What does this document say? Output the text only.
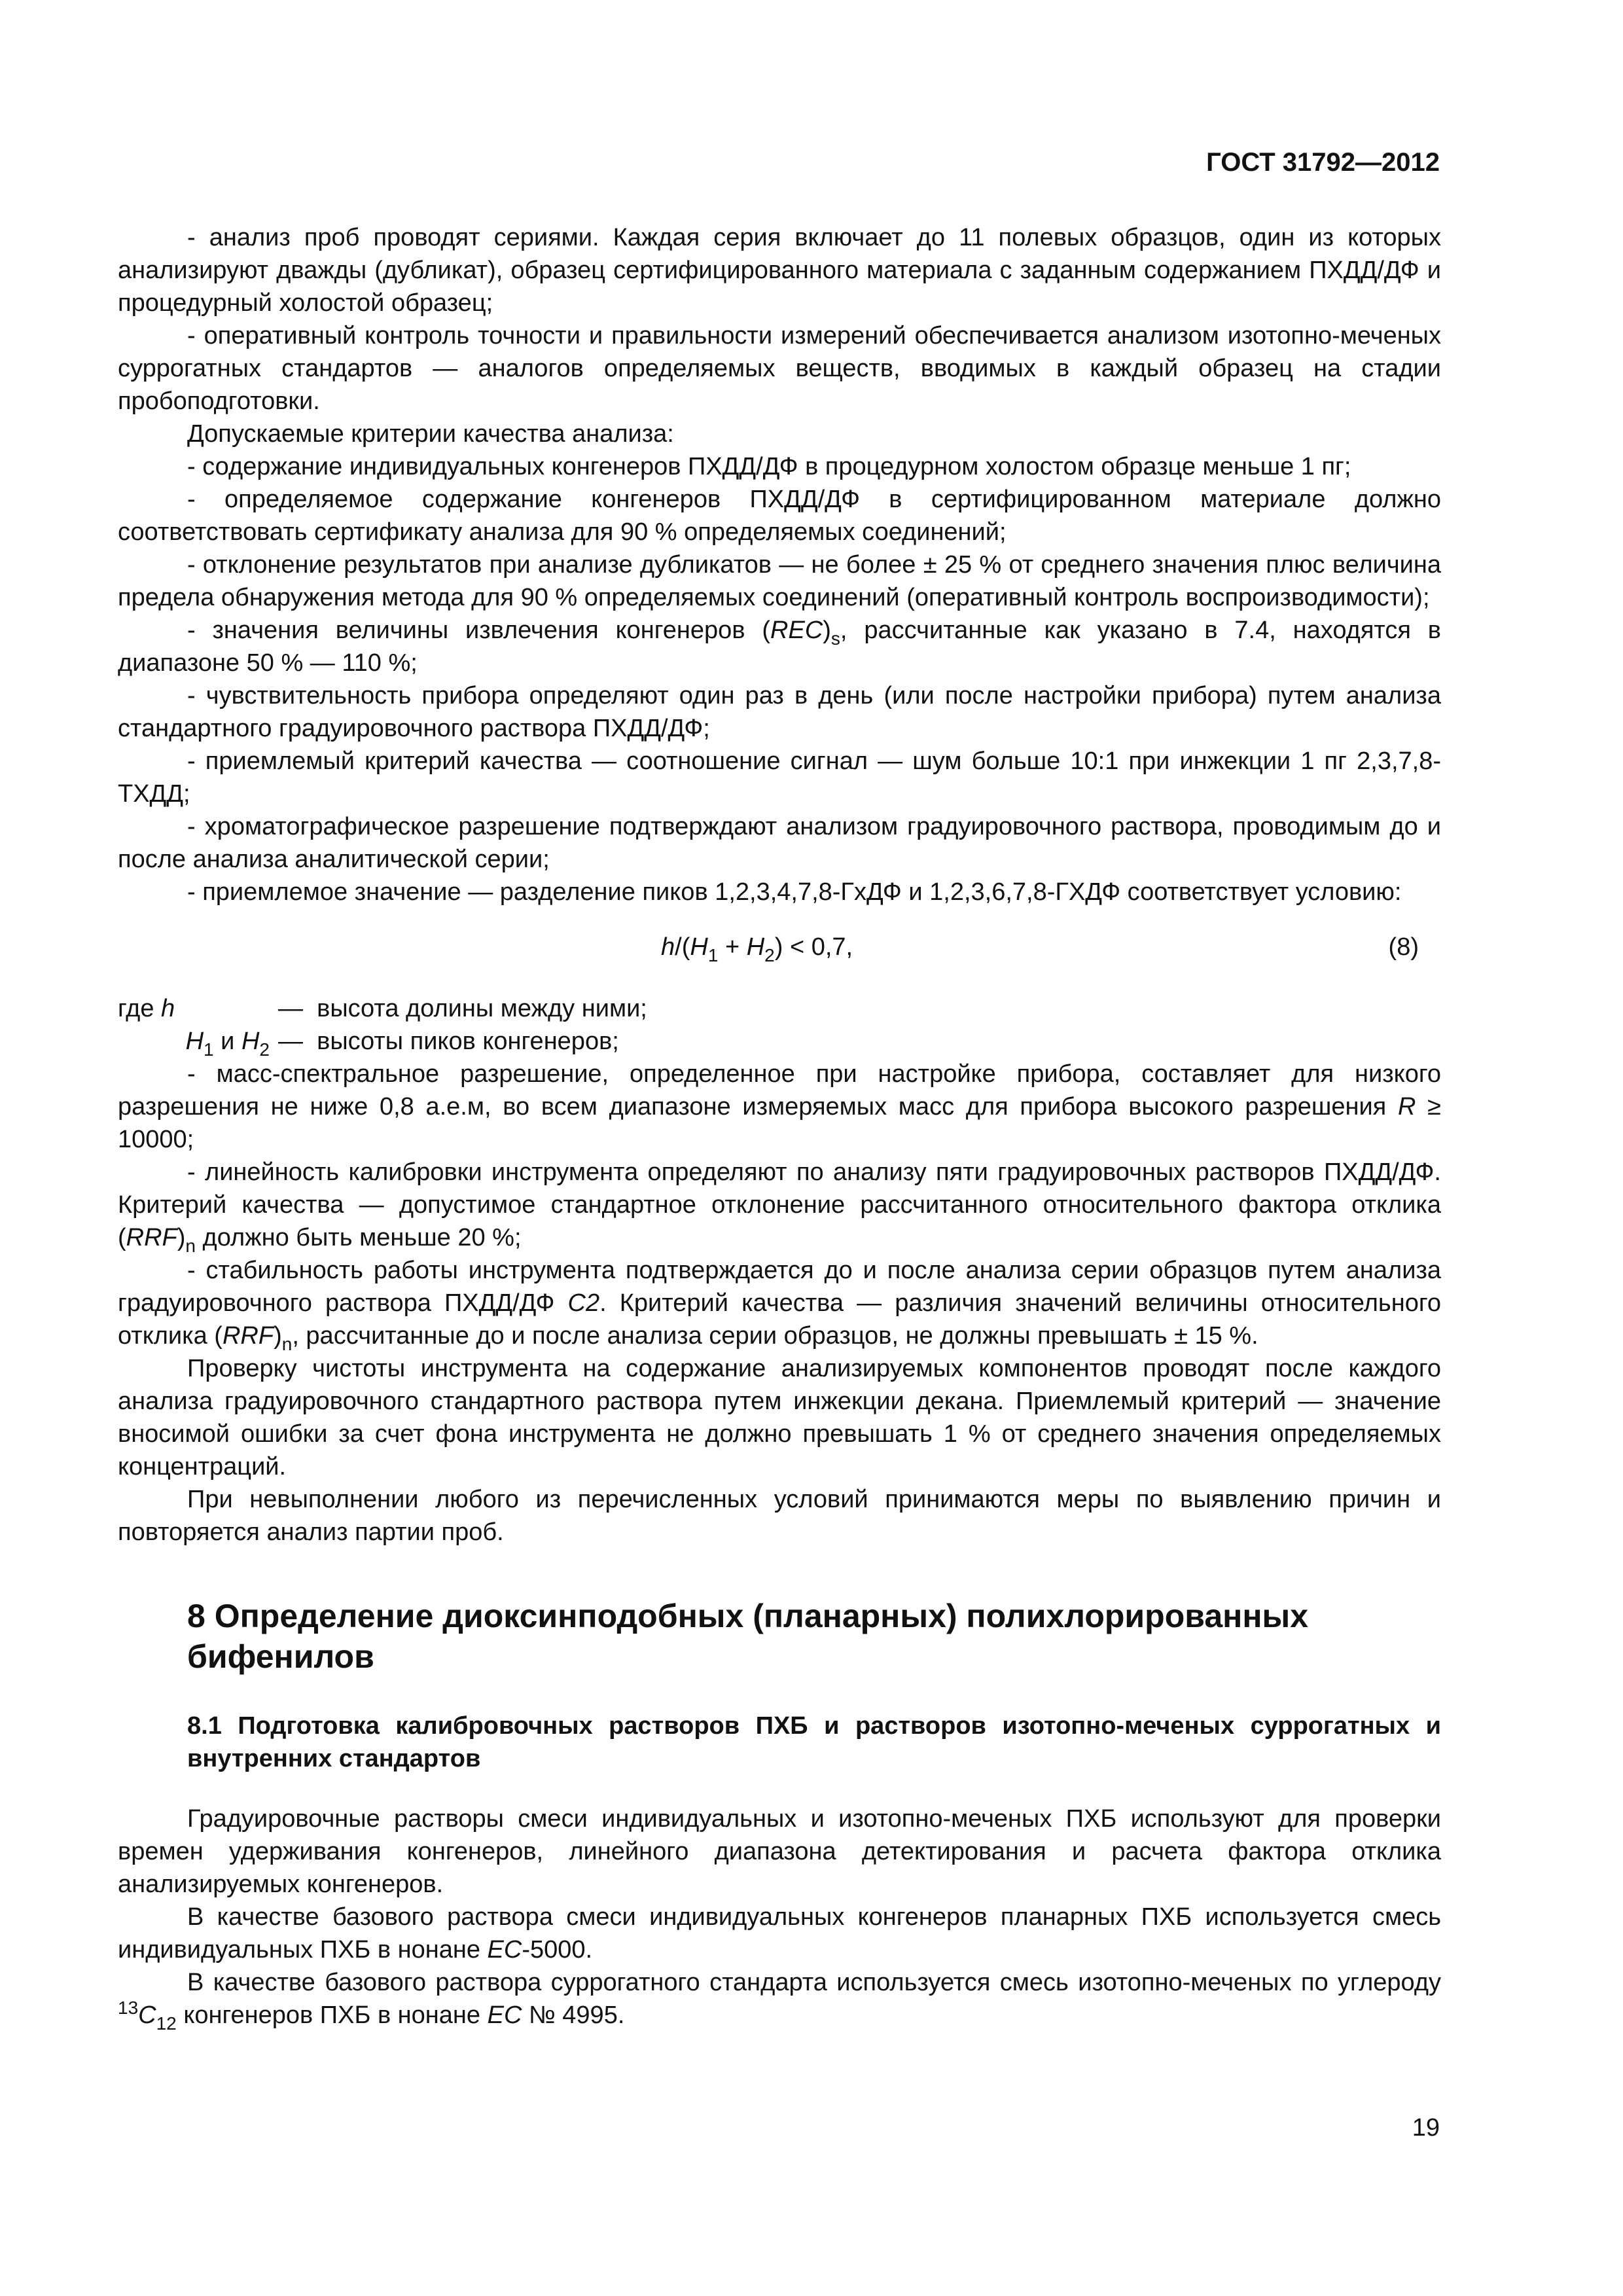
ГОСТ 31792—2012

- анализ проб проводят сериями. Каждая серия включает до 11 полевых образцов, один из которых анализируют дважды (дубликат), образец сертифицированного материала с заданным содержанием ПХДД/ДФ и процедурный холостой образец;

- оперативный контроль точности и правильности измерений обеспечивается анализом изотопно-меченых суррогатных стандартов — аналогов определяемых веществ, вводимых в каждый образец на стадии пробоподготовки.

Допускаемые критерии качества анализа:

- содержание индивидуальных конгенеров ПХДД/ДФ в процедурном холостом образце меньше 1 пг;

- определяемое содержание конгенеров ПХДД/ДФ в сертифицированном материале должно соответствовать сертификату анализа для 90 % определяемых соединений;

- отклонение результатов при анализе дубликатов — не более ± 25 % от среднего значения плюс величина предела обнаружения метода для 90 % определяемых соединений (оперативный контроль воспроизводимости);

- значения величины извлечения конгенеров $(REC)_s$, рассчитанные как указано в 7.4, находятся в диапазоне 50 % — 110 %;

- чувствительность прибора определяют один раз в день (или после настройки прибора) путем анализа стандартного градуировочного раствора ПХДД/ДФ;

- приемлемый критерий качества — соотношение сигнал — шум больше 10:1 при инжекции 1 пг 2,3,7,8-ТХДД;

- хроматографическое разрешение подтверждают анализом градуировочного раствора, проводимым до и после анализа аналитической серии;

- приемлемое значение — разделение пиков 1,2,3,4,7,8-ГхДФ и 1,2,3,6,7,8-ГХДФ соответствует условию:

$h/(H_1 + H_2) < 0,7$,	(8)
где h	— высота долины между ними;
$H_1$ и $H_2$ — высоты пиков конгенеров;

- масс-спектральное разрешение, определенное при настройке прибора, составляет для низкого разрешения не ниже 0,8 а.е.м, во всем диапазоне измеряемых масс для прибора высокого разрешения R ≥ 10000;

- линейность калибровки инструмента определяют по анализу пяти градуировочных растворов ПХДД/ДФ. Критерий качества — допустимое стандартное отклонение рассчитанного относительного фактора отклика $(RRF)_n$ должно быть меньше 20 %;

- стабильность работы инструмента подтверждается до и после анализа серии образцов путем анализа градуировочного раствора ПХДД/ДФ С2. Критерий качества — различия значений величины относительного отклика $(RRF)_n$, рассчитанные до и после анализа серии образцов, не должны превышать ± 15 %.

Проверку чистоты инструмента на содержание анализируемых компонентов проводят после каждого анализа градуировочного стандартного раствора путем инжекции декана. Приемлемый критерий — значение вносимой ошибки за счет фона инструмента не должно превышать 1 % от среднего значения определяемых концентраций.

При невыполнении любого из перечисленных условий принимаются меры по выявлению причин и повторяется анализ партии проб.

8 Определение диоксинподобных (планарных) полихлорированных бифенилов
8.1 Подготовка калибровочных растворов ПХБ и растворов изотопно-меченых суррогатных и внутренних стандартов

Градуировочные растворы смеси индивидуальных и изотопно-меченых ПХБ используют для проверки времен удерживания конгенеров, линейного диапазона детектирования и расчета фактора отклика анализируемых конгенеров.

В качестве базового раствора смеси индивидуальных конгенеров планарных ПХБ используется смесь индивидуальных ПХБ в нонане ЕС-5000.

В качестве базового раствора суррогатного стандарта используется смесь изотопно-меченых по углероду $^{13}C_{12}$ конгенеров ПХБ в нонане ЕС № 4995.

19
